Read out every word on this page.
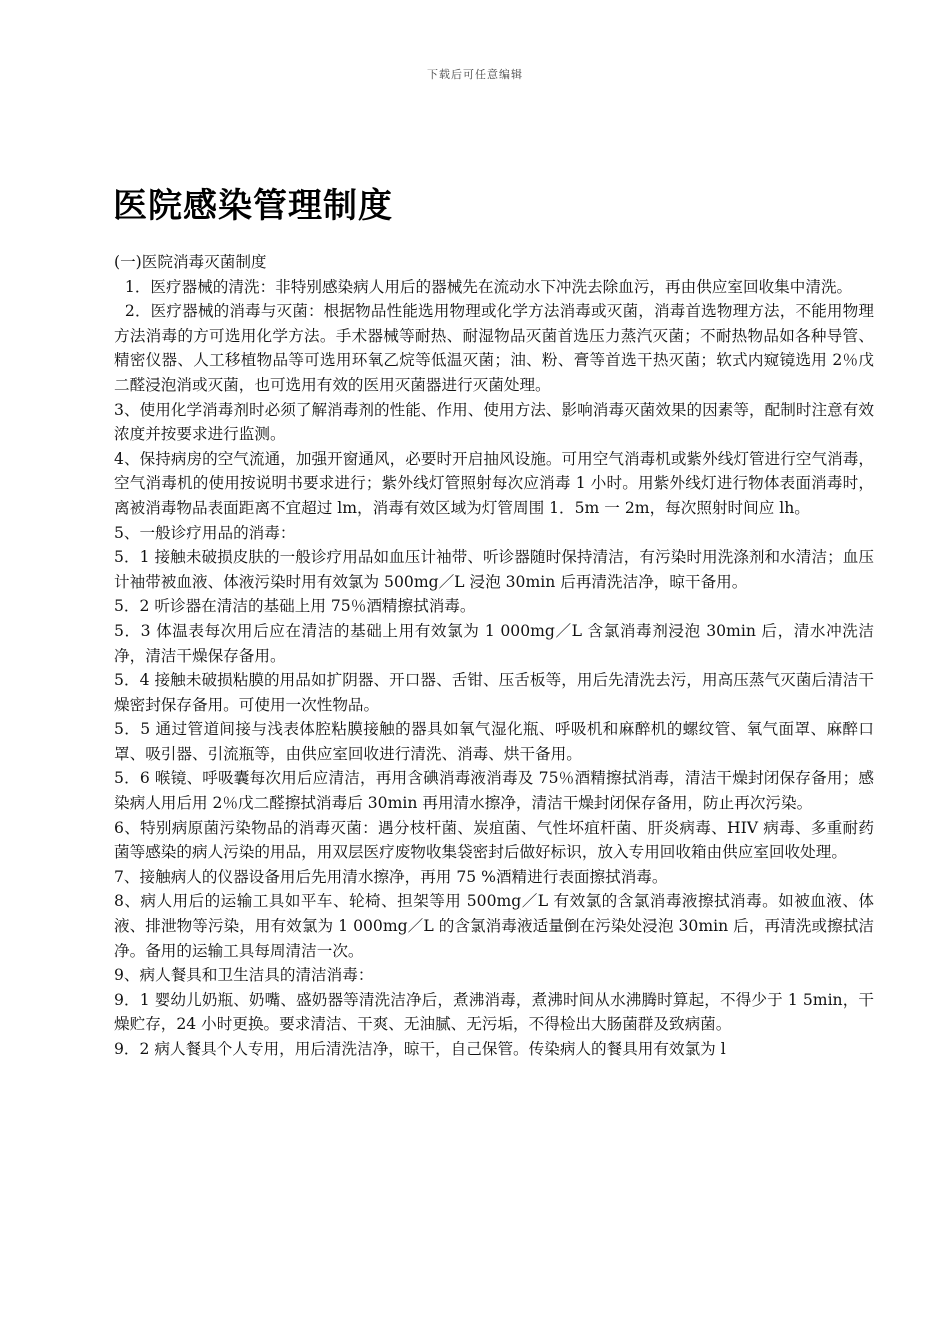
下载后可任意编辑
医院感染管理制度

(一)医院消毒灭菌制度

1．医疗器械的清洗：非特别感染病人用后的器械先在流动水下冲洗去除血污，再由供应室回收集中清洗。

2．医疗器械的消毒与灭菌：根据物品性能选用物理或化学方法消毒或灭菌，消毒首选物理方法，不能用物理方法消毒的方可选用化学方法。手术器械等耐热、耐湿物品灭菌首选压力蒸汽灭菌；不耐热物品如各种导管、精密仪器、人工移植物品等可选用环氧乙烷等低温灭菌；油、粉、膏等首选干热灭菌；软式内窥镜选用 2％戊二醛浸泡消或灭菌，也可选用有效的医用灭菌器进行灭菌处理。

3、使用化学消毒剂时必须了解消毒剂的性能、作用、使用方法、影响消毒灭菌效果的因素等，配制时注意有效浓度并按要求进行监测。

4、保持病房的空气流通，加强开窗通风，必要时开启抽风设施。可用空气消毒机或紫外线灯管进行空气消毒，空气消毒机的使用按说明书要求进行；紫外线灯管照射每次应消毒 1 小时。用紫外线灯进行物体表面消毒时，离被消毒物品表面距离不宜超过 lm，消毒有效区域为灯管周围 1．5m 一 2m，每次照射时间应 lh。

5、一般诊疗用品的消毒：

5．1 接触未破损皮肤的一般诊疗用品如血压计袖带、听诊器随时保持清洁，有污染时用洗涤剂和水清洁；血压计袖带被血液、体液污染时用有效氯为 500mg／L 浸泡 30min 后再清洗洁净，晾干备用。

5．2 听诊器在清洁的基础上用 75％酒精擦拭消毒。

5．3 体温表每次用后应在清洁的基础上用有效氯为 1 000mg／L 含氯消毒剂浸泡 30min 后，清水冲洗洁净，清洁干燥保存备用。

5．4 接触未破损粘膜的用品如扩阴器、开口器、舌钳、压舌板等，用后先清洗去污，用高压蒸气灭菌后清洁干燥密封保存备用。可使用一次性物品。

5．5 通过管道间接与浅表体腔粘膜接触的器具如氧气湿化瓶、呼吸机和麻醉机的螺纹管、氧气面罩、麻醉口罩、吸引器、引流瓶等，由供应室回收进行清洗、消毒、烘干备用。

5．6 喉镜、呼吸囊每次用后应清洁，再用含碘消毒液消毒及 75％酒精擦拭消毒，清洁干燥封闭保存备用；感染病人用后用 2％戊二醛擦拭消毒后 30min 再用清水擦净，清洁干燥封闭保存备用，防止再次污染。

6、特别病原菌污染物品的消毒灭菌：遇分枝杆菌、炭疽菌、气性坏疽杆菌、肝炎病毒、HIV 病毒、多重耐药菌等感染的病人污染的用品，用双层医疗废物收集袋密封后做好标识，放入专用回收箱由供应室回收处理。

7、接触病人的仪器设备用后先用清水擦净，再用 75 %酒精进行表面擦拭消毒。

8、病人用后的运输工具如平车、轮椅、担架等用 500mg／L 有效氯的含氯消毒液擦拭消毒。如被血液、体液、排泄物等污染，用有效氯为 1 000mg／L 的含氯消毒液适量倒在污染处浸泡 30min 后，再清洗或擦拭洁净。备用的运输工具每周清洁一次。

9、病人餐具和卫生洁具的清洁消毒：

9．1 婴幼儿奶瓶、奶嘴、盛奶器等清洗洁净后，煮沸消毒，煮沸时间从水沸腾时算起，不得少于 1 5min，干燥贮存，24 小时更换。要求清洁、干爽、无油腻、无污垢，不得检出大肠菌群及致病菌。

9．2 病人餐具个人专用，用后清洗洁净，晾干，自己保管。传染病人的餐具用有效氯为 l
